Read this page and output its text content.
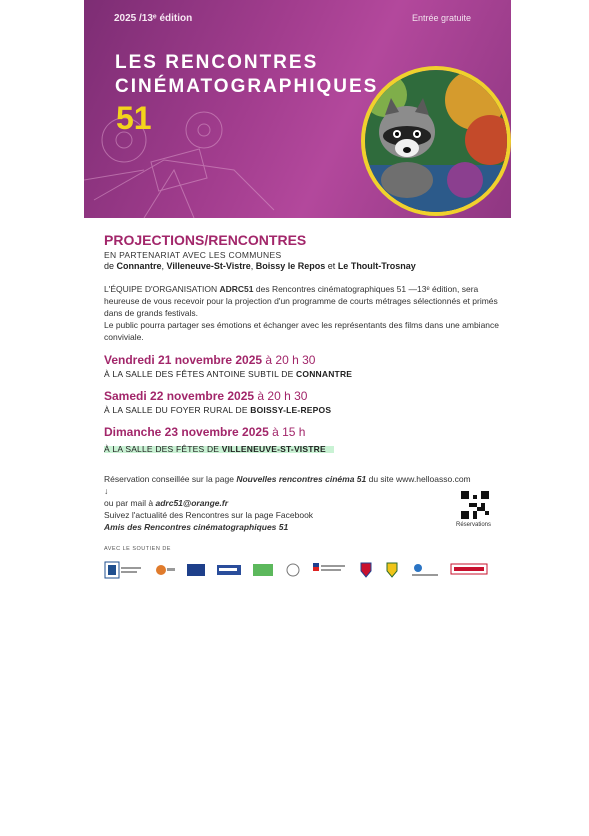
2025 /13ᵉ édition	Entrée gratuite
LES RENCONTRES
CINÉMATOGRAPHIQUES
51
PROJECTIONS/RENCONTRES
EN PARTENARIAT AVEC LES COMMUNES
de Connantre, Villeneuve-St-Vistre, Boissy le Repos et Le Thoult-Trosnay
L'ÉQUIPE D'ORGANISATION ADRC51 des Rencontres cinématographiques 51 —13ᵉ édition, sera heureuse de vous recevoir pour la projection d'un programme de courts métrages sélectionnés et primés dans de grands festivals.
Le public pourra partager ses émotions et échanger avec les représentants des films dans une ambiance conviviale.
Vendredi 21 novembre 2025 à 20 h 30
À LA SALLE DES FÊTES ANTOINE SUBTIL DE CONNANTRE
Samedi 22 novembre 2025 à 20 h 30
À LA SALLE DU FOYER RURAL DE BOISSY-LE-REPOS
Dimanche 23 novembre 2025 à 15 h
À LA SALLE DES FÊTES DE VILLENEUVE-ST-VISTRE
Réservation conseillée sur la page Nouvelles rencontres cinéma 51 du site www.helloasso.com ↓
ou par mail à adrc51@orange.fr
Suivez l'actualité des Rencontres sur la page Facebook
Amis des Rencontres cinématographiques 51	Réservations
AVEC LE SOUTIEN DE
